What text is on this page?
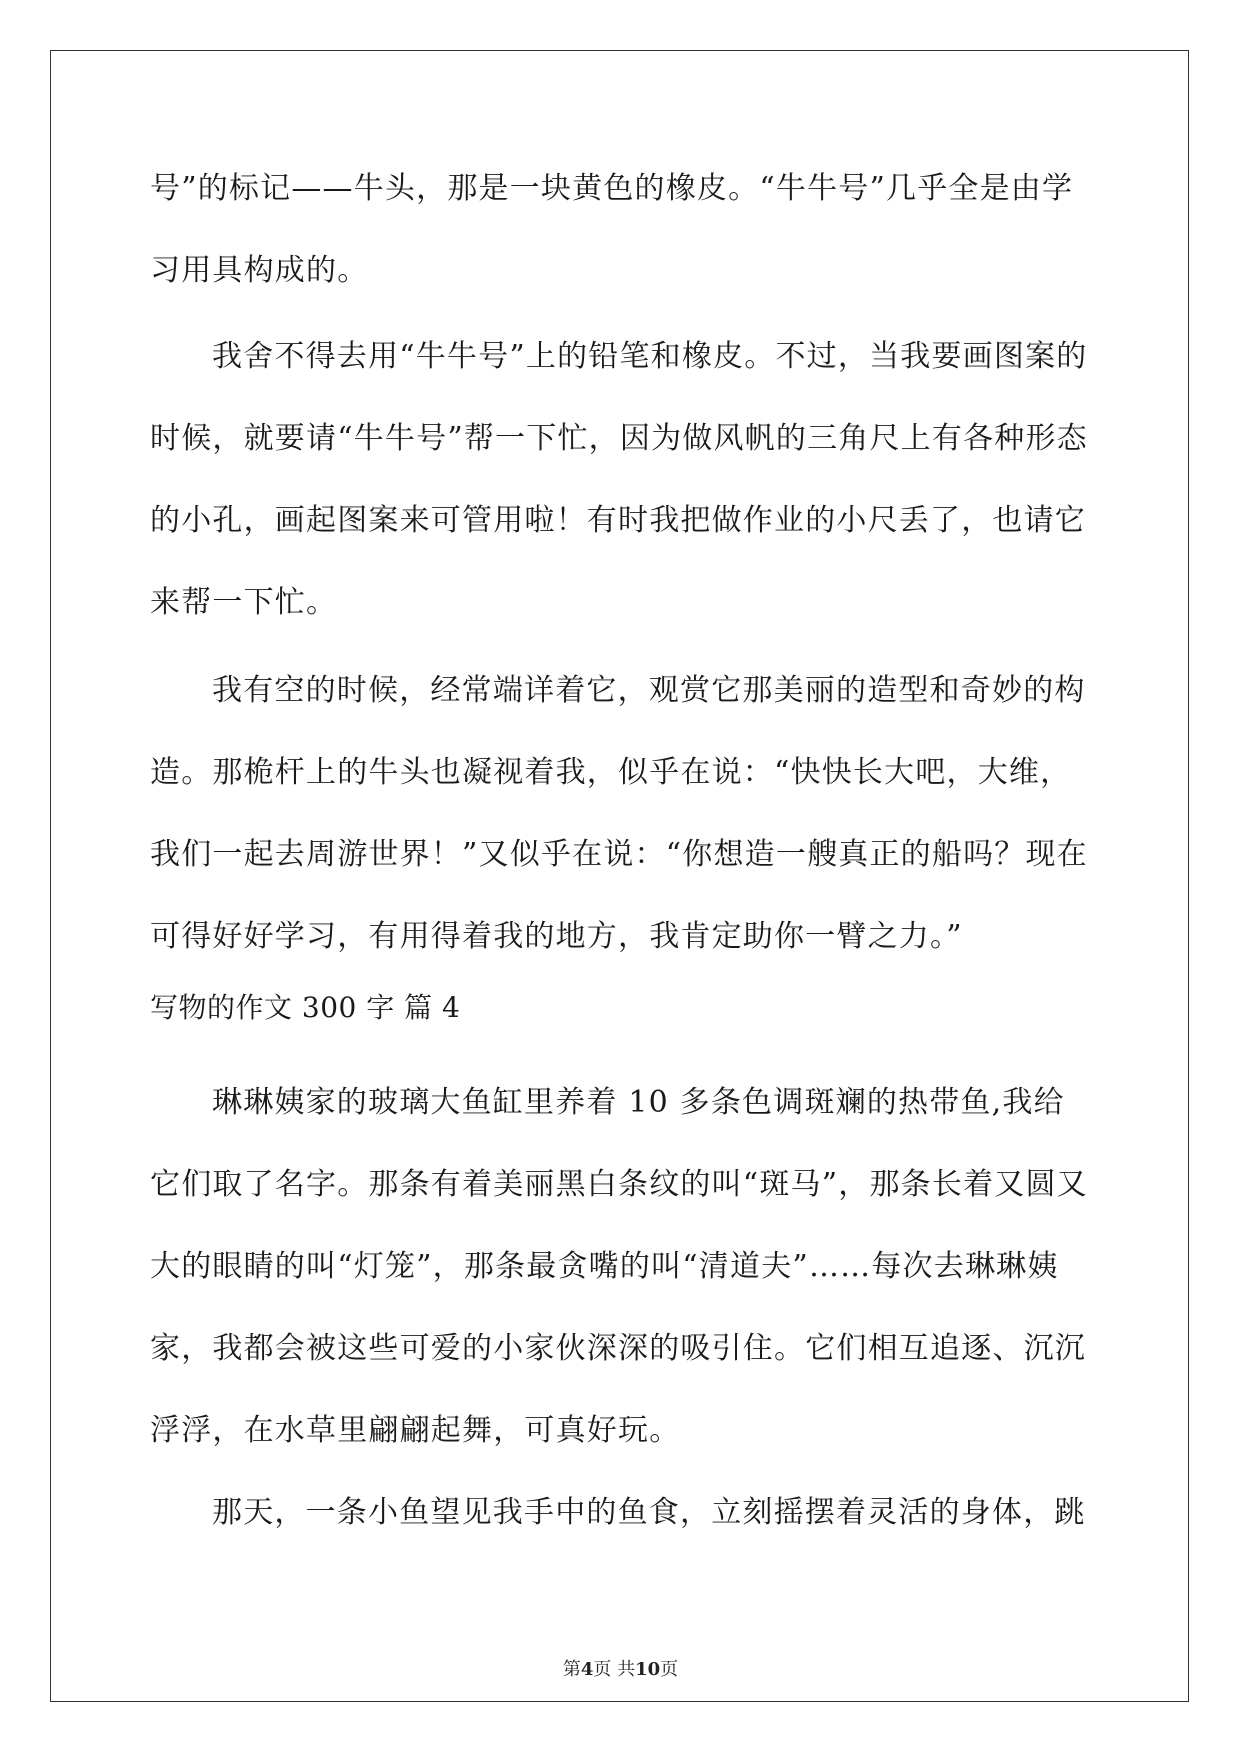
号”的标记——牛头，那是一块黄色的橡皮。“牛牛号”几乎全是由学习用具构成的。

我舍不得去用“牛牛号”上的铅笔和橡皮。不过，当我要画图案的时候，就要请“牛牛号”帮一下忙，因为做风帆的三角尺上有各种形态的小孔，画起图案来可管用啦！有时我把做作业的小尺丢了，也请它来帮一下忙。

我有空的时候，经常端详着它，观赏它那美丽的造型和奇妙的构造。那桅杆上的牛头也凝视着我，似乎在说：“快快长大吧，大维，我们一起去周游世界！”又似乎在说：“你想造一艘真正的船吗？现在可得好好学习，有用得着我的地方，我肯定助你一臂之力。”

写物的作文 300 字 篇 4

琳琳姨家的玻璃大鱼缸里养着 10 多条色调斑斓的热带鱼,我给它们取了名字。那条有着美丽黑白条纹的叫“斑马”，那条长着又圆又大的眼睛的叫“灯笼”，那条最贪嘴的叫“清道夫”……每次去琳琳姨家，我都会被这些可爱的小家伙深深的吸引住。它们相互追逐、沉沉浮浮，在水草里翩翩起舞，可真好玩。

那天，一条小鱼望见我手中的鱼食，立刻摇摆着灵活的身体，跳

第4页 共10页
